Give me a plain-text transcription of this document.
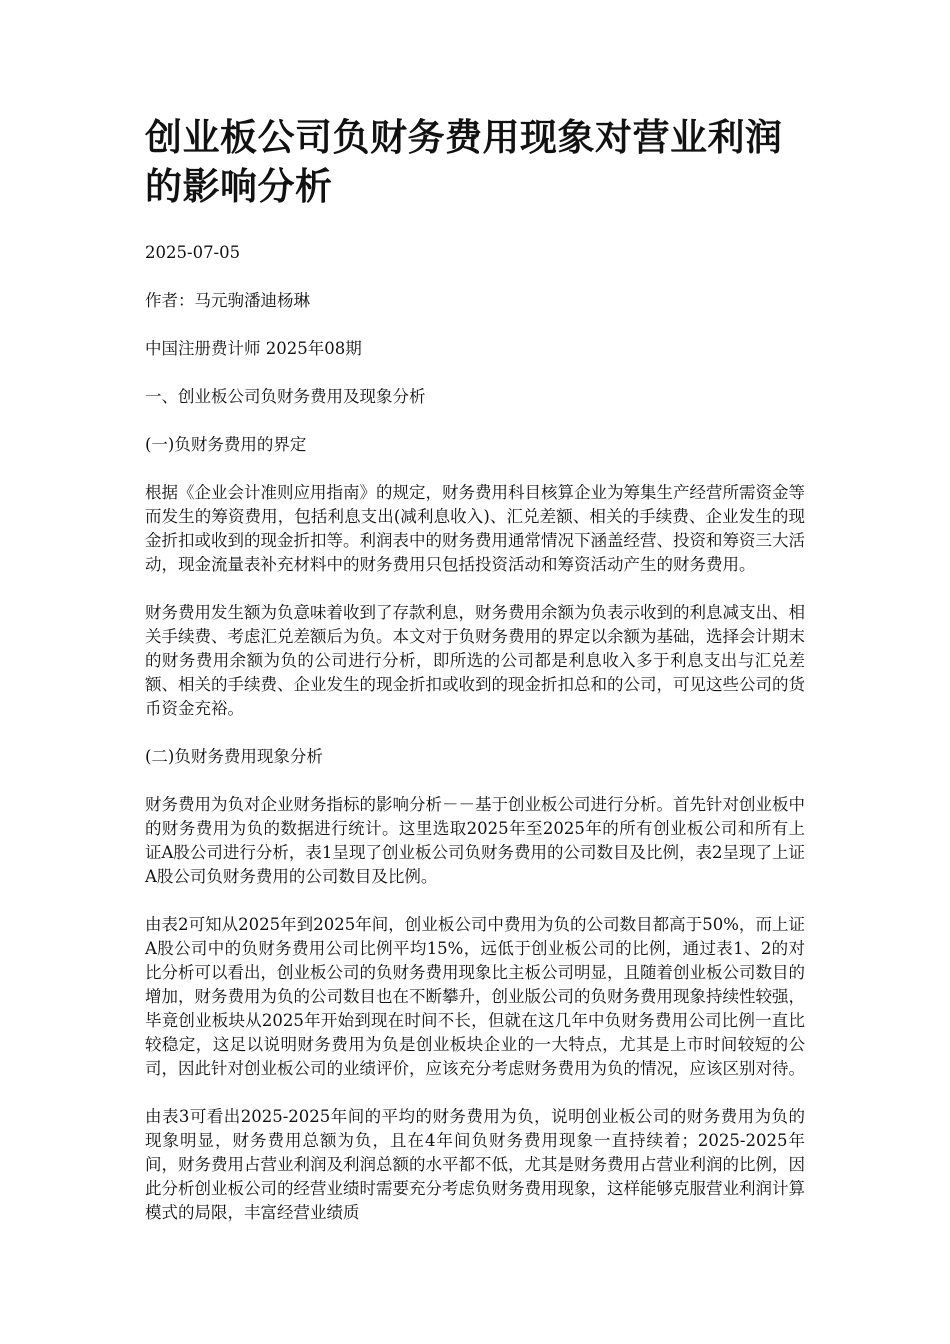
创业板公司负财务费用现象对营业利润的影响分析

2025-07-05

作者：马元驹潘迪杨琳

中国注册费计师 2025年08期

一、创业板公司负财务费用及现象分析

(一)负财务费用的界定

根据《企业会计准则应用指南》的规定，财务费用科目核算企业为筹集生产经营所需资金等而发生的筹资费用，包括利息支出(减利息收入)、汇兑差额、相关的手续费、企业发生的现金折扣或收到的现金折扣等。利润表中的财务费用通常情况下涵盖经营、投资和筹资三大活动，现金流量表补充材料中的财务费用只包括投资活动和筹资活动产生的财务费用。

财务费用发生额为负意味着收到了存款利息，财务费用余额为负表示收到的利息减支出、相关手续费、考虑汇兑差额后为负。本文对于负财务费用的界定以余额为基础，选择会计期末的财务费用余额为负的公司进行分析，即所选的公司都是利息收入多于利息支出与汇兑差额、相关的手续费、企业发生的现金折扣或收到的现金折扣总和的公司，可见这些公司的货币资金充裕。

(二)负财务费用现象分析

财务费用为负对企业财务指标的影响分析－－基于创业板公司进行分析。首先针对创业板中的财务费用为负的数据进行统计。这里选取2025年至2025年的所有创业板公司和所有上证A股公司进行分析，表1呈现了创业板公司负财务费用的公司数目及比例，表2呈现了上证A股公司负财务费用的公司数目及比例。

由表2可知从2025年到2025年间，创业板公司中费用为负的公司数目都高于50%，而上证A股公司中的负财务费用公司比例平均15%，远低于创业板公司的比例，通过表1、2的对比分析可以看出，创业板公司的负财务费用现象比主板公司明显，且随着创业板公司数目的增加，财务费用为负的公司数目也在不断攀升，创业版公司的负财务费用现象持续性较强，毕竟创业板块从2025年开始到现在时间不长，但就在这几年中负财务费用公司比例一直比较稳定，这足以说明财务费用为负是创业板块企业的一大特点，尤其是上市时间较短的公司，因此针对创业板公司的业绩评价，应该充分考虑财务费用为负的情况，应该区别对待。

由表3可看出2025-2025年间的平均的财务费用为负，说明创业板公司的财务费用为负的现象明显，财务费用总额为负，且在4年间负财务费用现象一直持续着；2025-2025年间，财务费用占营业利润及利润总额的水平都不低，尤其是财务费用占营业利润的比例，因此分析创业板公司的经营业绩时需要充分考虑负财务费用现象，这样能够克服营业利润计算模式的局限，丰富经营业绩质
